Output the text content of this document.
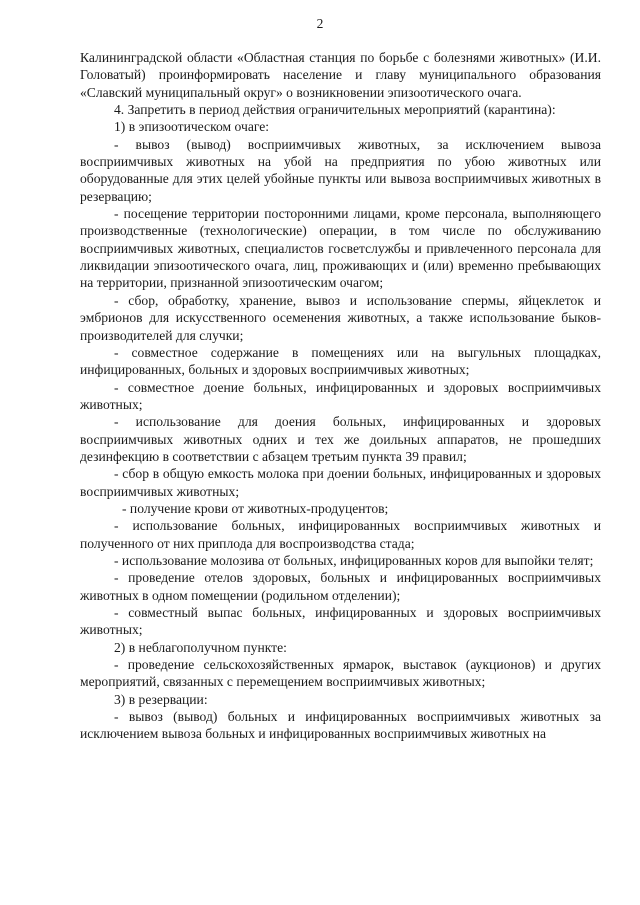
2

Калининградской области «Областная станция по борьбе с болезнями животных» (И.И. Головатый) проинформировать население и главу муниципального образования «Славский муниципальный округ» о возникновении эпизоотического очага.

4. Запретить в период действия ограничительных мероприятий (карантина):

1) в эпизоотическом очаге:

- вывоз (вывод) восприимчивых животных, за исключением вывоза восприимчивых животных на убой на предприятия по убою животных или оборудованные для этих целей убойные пункты или вывоза восприимчивых животных в резервацию;

- посещение территории посторонними лицами, кроме персонала, выполняющего производственные (технологические) операции, в том числе по обслуживанию восприимчивых животных, специалистов госветслужбы и привлеченного персонала для ликвидации эпизоотического очага, лиц, проживающих и (или) временно пребывающих на территории, признанной эпизоотическим очагом;

- сбор, обработку, хранение, вывоз и использование спермы, яйцеклеток и эмбрионов для искусственного осеменения животных, а также использование быков-производителей для случки;

- совместное содержание в помещениях или на выгульных площадках, инфицированных, больных и здоровых восприимчивых животных;

- совместное доение больных, инфицированных и здоровых восприимчивых животных;

- использование для доения больных, инфицированных и здоровых восприимчивых животных одних и тех же доильных аппаратов, не прошедших дезинфекцию в соответствии с абзацем третьим пункта 39 правил;

- сбор в общую емкость молока при доении больных, инфицированных и здоровых восприимчивых животных;

- получение крови от животных-продуцентов;

- использование больных, инфицированных восприимчивых животных и полученного от них приплода для воспроизводства стада;

- использование молозива от больных, инфицированных коров для выпойки телят;

- проведение отелов здоровых, больных и инфицированных восприимчивых животных в одном помещении (родильном отделении);

- совместный выпас больных, инфицированных и здоровых восприимчивых животных;

2) в неблагополучном пункте:

- проведение сельскохозяйственных ярмарок, выставок (аукционов) и других мероприятий, связанных с перемещением восприимчивых животных;

3) в резервации:

- вывоз (вывод) больных и инфицированных восприимчивых животных за исключением вывоза больных и инфицированных восприимчивых животных на
